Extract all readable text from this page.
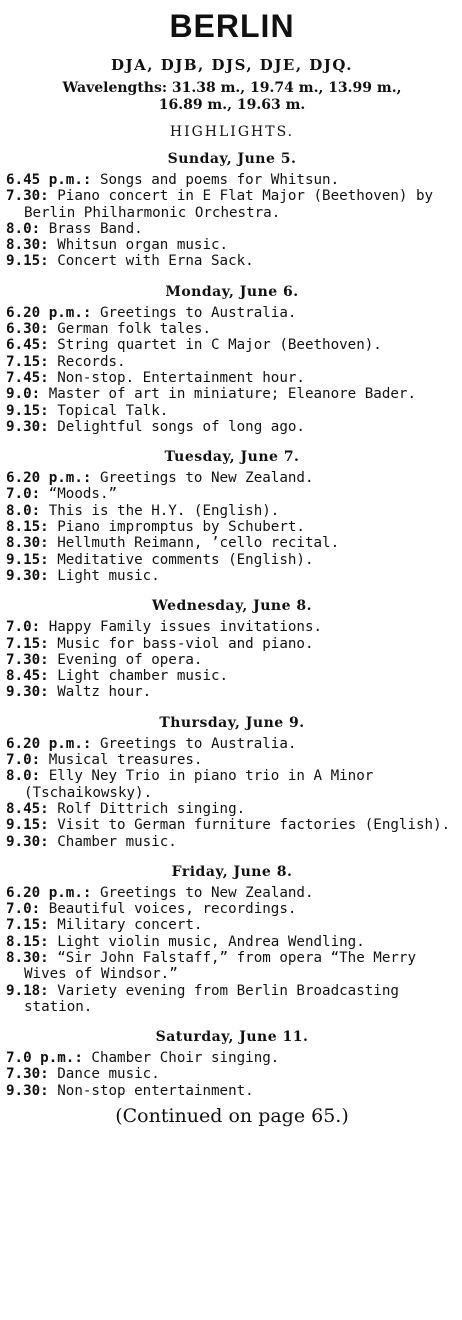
BERLIN
DJA, DJB, DJS, DJE, DJQ.
Wavelengths: 31.38 m., 19.74 m., 13.99 m.,
16.89 m., 19.63 m.
HIGHLIGHTS.
Sunday, June 5.
6.45 p.m.: Songs and poems for Whitsun.
7.30: Piano concert in E Flat Major (Beethoven) by Berlin Philharmonic Orchestra.
8.0: Brass Band.
8.30: Whitsun organ music.
9.15: Concert with Erna Sack.
Monday, June 6.
6.20 p.m.: Greetings to Australia.
6.30: German folk tales.
6.45: String quartet in C Major (Beethoven).
7.15: Records.
7.45: Non-stop. Entertainment hour.
9.0: Master of art in miniature; Eleanore Bader.
9.15: Topical Talk.
9.30: Delightful songs of long ago.
Tuesday, June 7.
6.20 p.m.: Greetings to New Zealand.
7.0: “Moods.”
8.0: This is the H.Y. (English).
8.15: Piano impromptus by Schubert.
8.30: Hellmuth Reimann, ’cello recital.
9.15: Meditative comments (English).
9.30: Light music.
Wednesday, June 8.
7.0: Happy Family issues invitations.
7.15: Music for bass-viol and piano.
7.30: Evening of opera.
8.45: Light chamber music.
9.30: Waltz hour.
Thursday, June 9.
6.20 p.m.: Greetings to Australia.
7.0: Musical treasures.
8.0: Elly Ney Trio in piano trio in A Minor (Tschaikowsky).
8.45: Rolf Dittrich singing.
9.15: Visit to German furniture factories (English).
9.30: Chamber music.
Friday, June 8.
6.20 p.m.: Greetings to New Zealand.
7.0: Beautiful voices, recordings.
7.15: Military concert.
8.15: Light violin music, Andrea Wendling.
8.30: “Sir John Falstaff,” from opera “The Merry Wives of Windsor.”
9.18: Variety evening from Berlin Broadcasting station.
Saturday, June 11.
7.0 p.m.: Chamber Choir singing.
7.30: Dance music.
9.30: Non-stop entertainment.
(Continued on page 65.)
